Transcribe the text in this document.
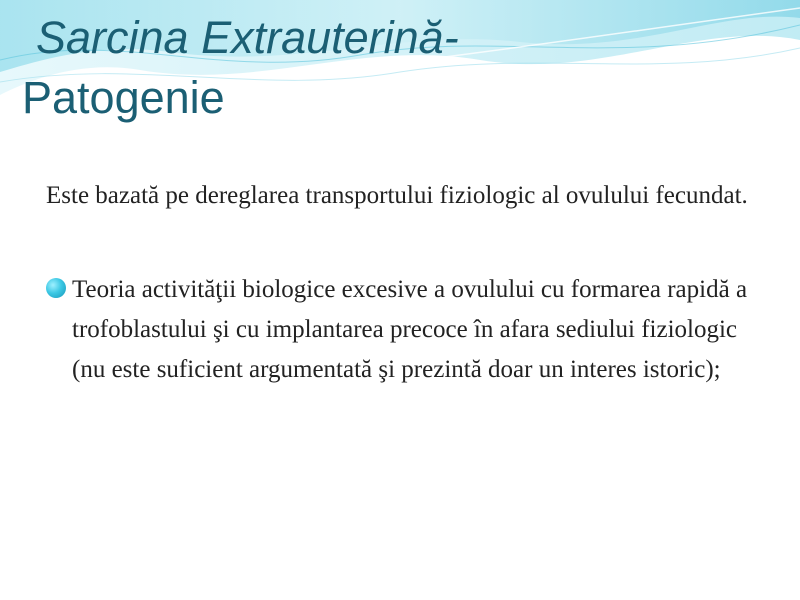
Sarcina Extrauterină-
Patogenie

Este bazată pe dereglarea transportului fiziologic al ovulului fecundat.

Teoria activităţii biologice excesive a ovulului cu formarea rapidă a trofoblastului şi cu implantarea precoce în afara sediului fiziologic (nu este suficient argumentată şi prezintă doar un interes istoric);
